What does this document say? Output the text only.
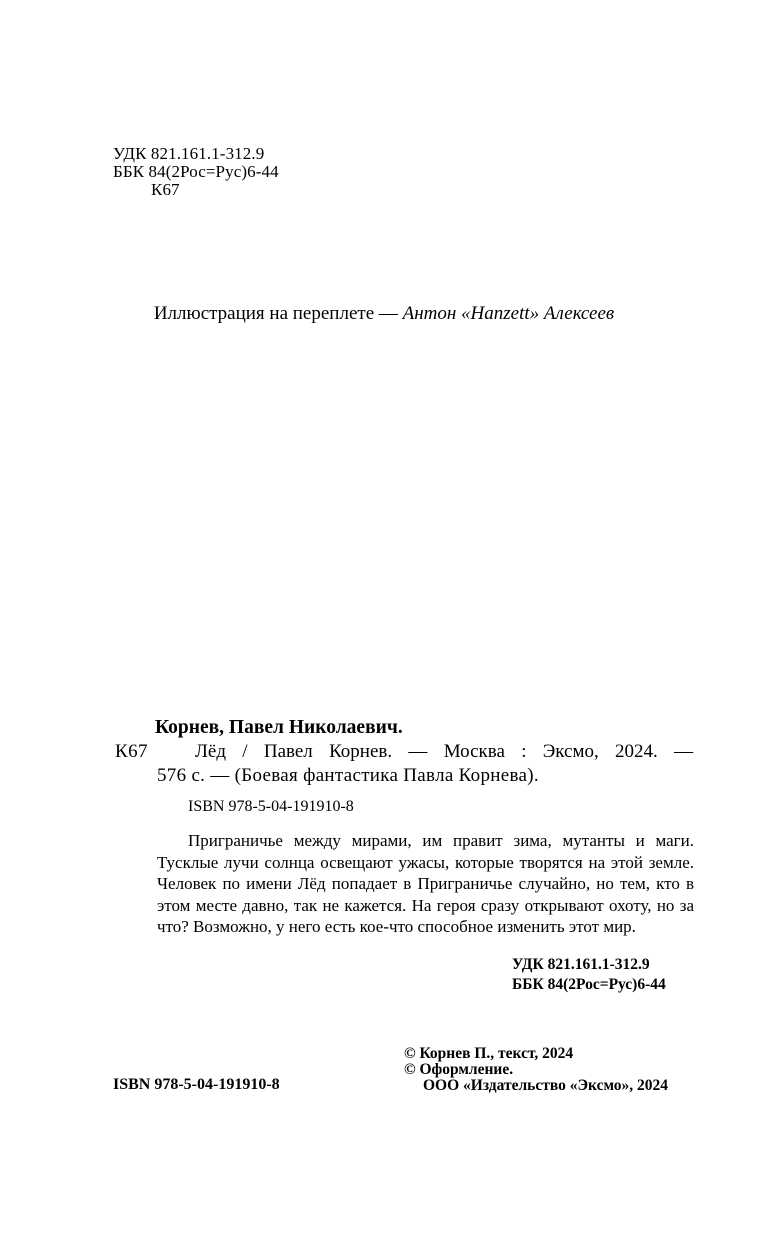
УДК 821.161.1-312.9
ББК 84(2Рос=Рус)6-44
К67
Иллюстрация на переплете — Антон «Hanzett» Алексеев
Корнев, Павел Николаевич.
К67 Лёд / Павел Корнев. — Москва : Эксмо, 2024. —
576 с. — (Боевая фантастика Павла Корнева).
ISBN 978-5-04-191910-8

Приграничье между мирами, им правит зима, мутанты и маги. Тусклые лучи солнца освещают ужасы, которые творятся на этой земле. Человек по имени Лёд попадает в Приграничье случайно, но тем, кто в этом месте давно, так не кажется. На героя сразу открывают охоту, но за что? Возможно, у него есть кое-что способное изменить этот мир.

УДК 821.161.1-312.9
ББК 84(2Рос=Рус)6-44
© Корнев П., текст, 2024
© Оформление.
ООО «Издательство «Эксмо», 2024
ISBN 978-5-04-191910-8
